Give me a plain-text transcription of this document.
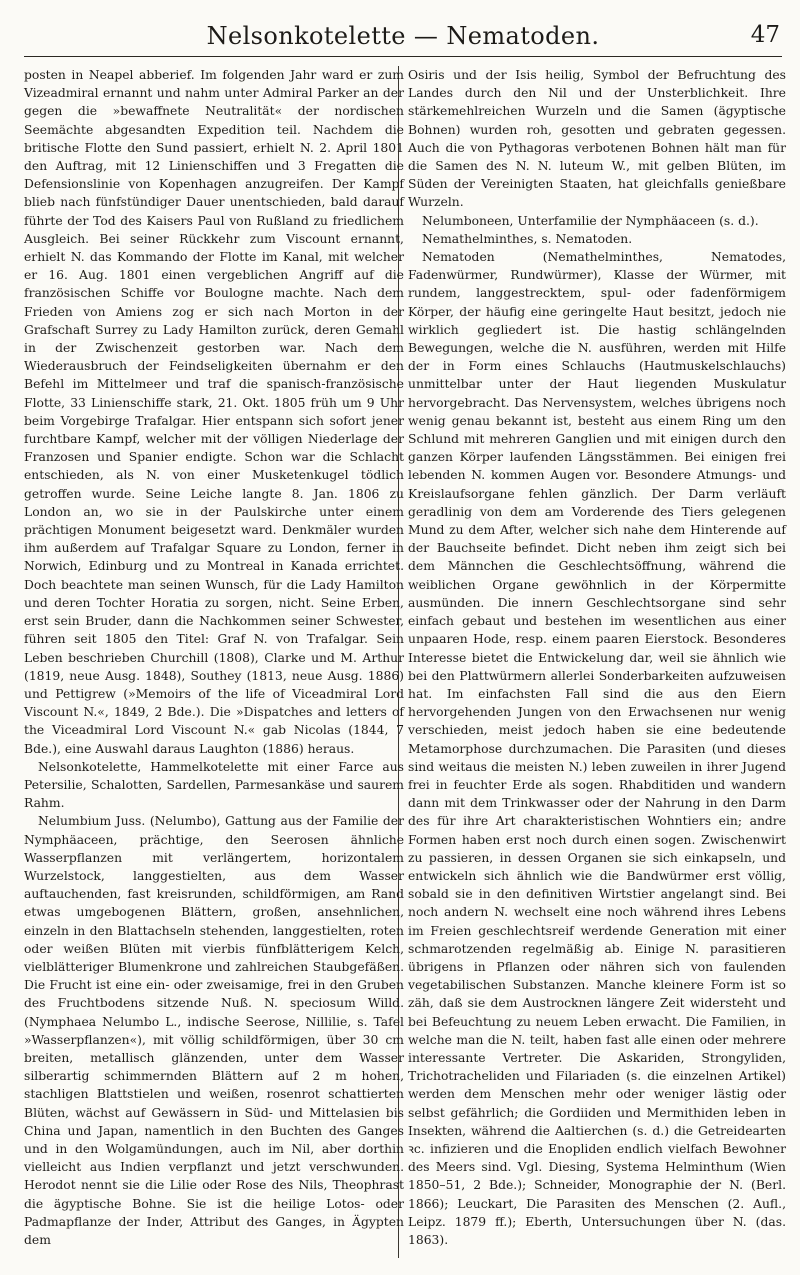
Nelsonkotelette — Nematoden.	47

posten in Neapel abberief. Im folgenden Jahr ward er zum Vizeadmiral ernannt und nahm unter Admiral Parker an der gegen die »bewaffnete Neutralität« der nordischen Seemächte abgesandten Expedition teil. Nachdem die britische Flotte den Sund passiert, erhielt N. 2. April 1801 den Auftrag, mit 12 Linienschiffen und 3 Fregatten die Defensionslinie von Kopenhagen anzugreifen. Der Kampf blieb nach fünfstündiger Dauer unentschieden, bald darauf führte der Tod des Kaisers Paul von Rußland zu friedlichem Ausgleich. Bei seiner Rückkehr zum Viscount ernannt, erhielt N. das Kommando der Flotte im Kanal, mit welcher er 16. Aug. 1801 einen vergeblichen Angriff auf die französischen Schiffe vor Boulogne machte. Nach dem Frieden von Amiens zog er sich nach Morton in der Grafschaft Surrey zu Lady Hamilton zurück, deren Gemahl in der Zwischenzeit gestorben war. Nach dem Wiederausbruch der Feindseligkeiten übernahm er den Befehl im Mittelmeer und traf die spanisch-französische Flotte, 33 Linienschiffe stark, 21. Okt. 1805 früh um 9 Uhr beim Vorgebirge Trafalgar. Hier entspann sich sofort jener furchtbare Kampf, welcher mit der völligen Niederlage der Franzosen und Spanier endigte. Schon war die Schlacht entschieden, als N. von einer Musketenkugel tödlich getroffen wurde. Seine Leiche langte 8. Jan. 1806 zu London an, wo sie in der Paulskirche unter einem prächtigen Monument beigesetzt ward. Denkmäler wurden ihm außerdem auf Trafalgar Square zu London, ferner in Norwich, Edinburg und zu Montreal in Kanada errichtet. Doch beachtete man seinen Wunsch, für die Lady Hamilton und deren Tochter Horatia zu sorgen, nicht. Seine Erben, erst sein Bruder, dann die Nachkommen seiner Schwester, führen seit 1805 den Titel: Graf N. von Trafalgar. Sein Leben beschrieben Churchill (1808), Clarke und M. Arthur (1819, neue Ausg. 1848), Southey (1813, neue Ausg. 1886) und Pettigrew (»Memoirs of the life of Viceadmiral Lord Viscount N.«, 1849, 2 Bde.). Die »Dispatches and letters of the Viceadmiral Lord Viscount N.« gab Nicolas (1844, 7 Bde.), eine Auswahl daraus Laughton (1886) heraus.

Nelsonkotelette, Hammelkotelette mit einer Farce aus Petersilie, Schalotten, Sardellen, Parmesankäse und saurem Rahm.

Nelumbium Juss. (Nelumbo), Gattung aus der Familie der Nymphäaceen, prächtige, den Seerosen ähnliche Wasserpflanzen mit verlängertem, horizontalem Wurzelstock, langgestielten, aus dem Wasser auftauchenden, fast kreisrunden, schildförmigen, am Rand etwas umgebogenen Blättern, großen, ansehnlichen, einzeln in den Blattachseln stehenden, langgestielten, roten oder weißen Blüten mit vierbis fünfblätterigem Kelch, vielblätteriger Blumenkrone und zahlreichen Staubgefäßen. Die Frucht ist eine ein- oder zweisamige, frei in den Gruben des Fruchtbodens sitzende Nuß. N. speciosum Willd. (Nymphaea Nelumbo L., indische Seerose, Nillilie, s. Tafel »Wasserpflanzen«), mit völlig schildförmigen, über 30 cm breiten, metallisch glänzenden, unter dem Wasser silberartig schimmernden Blättern auf 2 m hohen, stachligen Blattstielen und weißen, rosenrot schattierten Blüten, wächst auf Gewässern in Süd- und Mittelasien bis China und Japan, namentlich in den Buchten des Ganges und in den Wolgamündungen, auch im Nil, aber dorthin vielleicht aus Indien verpflanzt und jetzt verschwunden. Herodot nennt sie die Lilie oder Rose des Nils, Theophrast die ägyptische Bohne. Sie ist die heilige Lotos- oder Padmapflanze der Inder, Attribut des Ganges, in Ägypten dem

Osiris und der Isis heilig, Symbol der Befruchtung des Landes durch den Nil und der Unsterblichkeit. Ihre stärkemehlreichen Wurzeln und die Samen (ägyptische Bohnen) wurden roh, gesotten und gebraten gegessen. Auch die von Pythagoras verbotenen Bohnen hält man für die Samen des N. N. luteum W., mit gelben Blüten, im Süden der Vereinigten Staaten, hat gleichfalls genießbare Wurzeln.

Nelumboneen, Unterfamilie der Nymphäaceen (s. d.).

Nemathelminthes, s. Nematoden.

Nematoden (Nemathelminthes, Nematodes, Fadenwürmer, Rundwürmer), Klasse der Würmer, mit rundem, langgestrecktem, spul- oder fadenförmigem Körper, der häufig eine geringelte Haut besitzt, jedoch nie wirklich gegliedert ist. Die hastig schlängelnden Bewegungen, welche die N. ausführen, werden mit Hilfe der in Form eines Schlauchs (Hautmuskelschlauchs) unmittelbar unter der Haut liegenden Muskulatur hervorgebracht. Das Nervensystem, welches übrigens noch wenig genau bekannt ist, besteht aus einem Ring um den Schlund mit mehreren Ganglien und mit einigen durch den ganzen Körper laufenden Längsstämmen. Bei einigen frei lebenden N. kommen Augen vor. Besondere Atmungs- und Kreislaufsorgane fehlen gänzlich. Der Darm verläuft geradlinig von dem am Vorderende des Tiers gelegenen Mund zu dem After, welcher sich nahe dem Hinterende auf der Bauchseite befindet. Dicht neben ihm zeigt sich bei dem Männchen die Geschlechtsöffnung, während die weiblichen Organe gewöhnlich in der Körpermitte ausmünden. Die innern Geschlechtsorgane sind sehr einfach gebaut und bestehen im wesentlichen aus einer unpaaren Hode, resp. einem paaren Eierstock. Besonderes Interesse bietet die Entwickelung dar, weil sie ähnlich wie bei den Plattwürmern allerlei Sonderbarkeiten aufzuweisen hat. Im einfachsten Fall sind die aus den Eiern hervorgehenden Jungen von den Erwachsenen nur wenig verschieden, meist jedoch haben sie eine bedeutende Metamorphose durchzumachen. Die Parasiten (und dieses sind weitaus die meisten N.) leben zuweilen in ihrer Jugend frei in feuchter Erde als sogen. Rhabditiden und wandern dann mit dem Trinkwasser oder der Nahrung in den Darm des für ihre Art charakteristischen Wohntiers ein; andre Formen haben erst noch durch einen sogen. Zwischenwirt zu passieren, in dessen Organen sie sich einkapseln, und entwickeln sich ähnlich wie die Bandwürmer erst völlig, sobald sie in den definitiven Wirtstier angelangt sind. Bei noch andern N. wechselt eine noch während ihres Lebens im Freien geschlechtsreif werdende Generation mit einer schmarotzenden regelmäßig ab. Einige N. parasitieren übrigens in Pflanzen oder nähren sich von faulenden vegetabilischen Substanzen. Manche kleinere Form ist so zäh, daß sie dem Austrocknen längere Zeit widersteht und bei Befeuchtung zu neuem Leben erwacht. Die Familien, in welche man die N. teilt, haben fast alle einen oder mehrere interessante Vertreter. Die Askariden, Strongyliden, Trichotracheliden und Filariaden (s. die einzelnen Artikel) werden dem Menschen mehr oder weniger lästig oder selbst gefährlich; die Gordiiden und Mermithiden leben in Insekten, während die Aaltierchen (s. d.) die Getreidearten ꝛc. infizieren und die Enopliden endlich vielfach Bewohner des Meers sind. Vgl. Diesing, Systema Helminthum (Wien 1850–51, 2 Bde.); Schneider, Monographie der N. (Berl. 1866); Leuckart, Die Parasiten des Menschen (2. Aufl., Leipz. 1879 ff.); Eberth, Untersuchungen über N. (das. 1863).
